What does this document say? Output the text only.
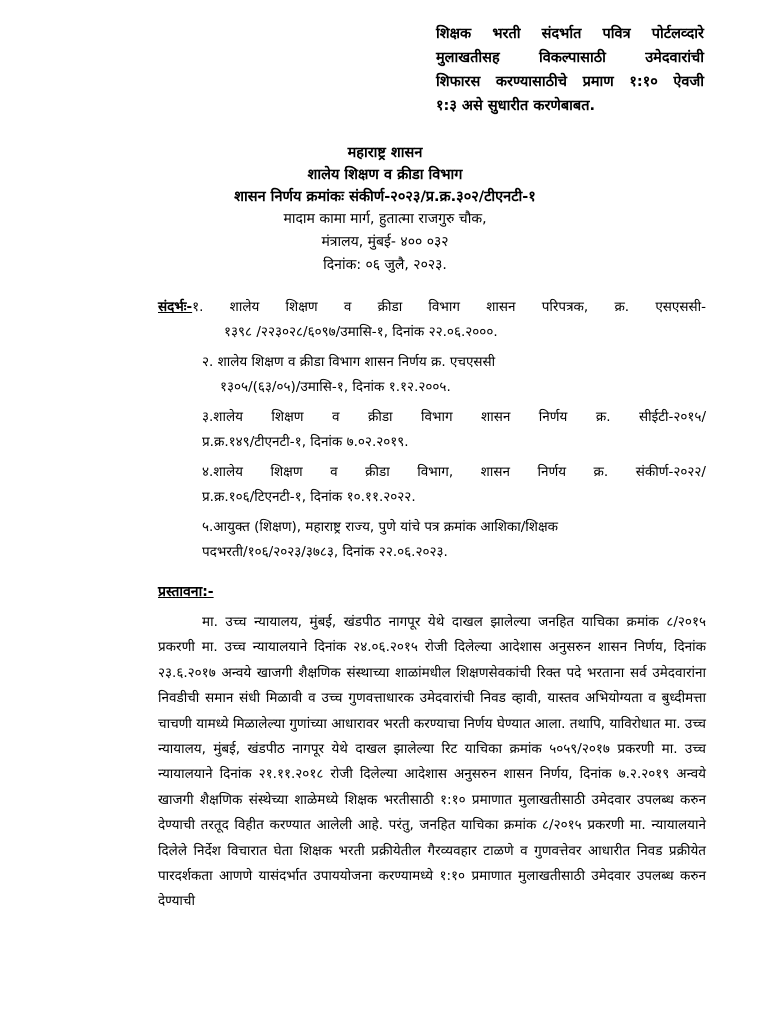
शिक्षक भरती संदर्भात पवित्र पोर्टलव्दारे
मुलाखतीसह विकल्पासाठी उमेदवारांची
शिफारस करण्यासाठीचे प्रमाण १:१० ऐवजी
१:३ असे सुधारीत करणेबाबत.
महाराष्ट्र शासन
शालेय शिक्षण व क्रीडा विभाग
शासन निर्णय क्रमांकः संकीर्ण-२०२३/प्र.क्र.३०२/टीएनटी-१
मादाम कामा मार्ग, हुतात्मा राजगुरु चौक,
मंत्रालय, मुंबई- ४०० ०३२
दिनांक: ०६ जुलै, २०२३.
संदर्भः- १. शालेय शिक्षण व क्रीडा विभाग शासन परिपत्रक, क्र. एसएससी-
१३९८ /२२३०२८/६०९७/उमासि-१, दिनांक २२.०६.२०००.
२. शालेय शिक्षण व क्रीडा विभाग शासन निर्णय क्र. एचएससी
१३०५/(६३/०५)/उमासि-१, दिनांक १.१२.२००५.
३.शालेय शिक्षण व क्रीडा विभाग शासन निर्णय क्र. सीईटी-२०१५/
प्र.क्र.१४९/टीएनटी-१, दिनांक ७.०२.२०१९.
४.शालेय शिक्षण व क्रीडा विभाग, शासन निर्णय क्र. संकीर्ण-२०२२/
प्र.क्र.१०६/टिएनटी-१, दिनांक १०.११.२०२२.
५.आयुक्त (शिक्षण), महाराष्ट्र राज्य, पुणे यांचे पत्र क्रमांक आशिका/शिक्षक
पदभरती/१०६/२०२३/३७८३, दिनांक २२.०६.२०२३.
प्रस्तावना:-
मा. उच्च न्यायालय, मुंबई, खंडपीठ नागपूर येथे दाखल झालेल्या जनहित याचिका क्रमांक ८/२०१५ प्रकरणी मा. उच्च न्यायालयाने दिनांक २४.०६.२०१५ रोजी दिलेल्या आदेशास अनुसरुन शासन निर्णय, दिनांक २३.६.२०१७ अन्वये खाजगी शैक्षणिक संस्थाच्या शाळांमधील शिक्षणसेवकांची रिक्त पदे भरताना सर्व उमेदवारांना निवडीची समान संधी मिळावी व उच्च गुणवत्ताधारक उमेदवारांची निवड व्हावी, यास्तव अभियोग्यता व बुध्दीमत्ता चाचणी यामध्ये मिळालेल्या गुणांच्या आधारावर भरती करण्याचा निर्णय घेण्यात आला. तथापि, याविरोधात मा. उच्च न्यायालय, मुंबई, खंडपीठ नागपूर येथे दाखल झालेल्या रिट याचिका क्रमांक ५०५९/२०१७ प्रकरणी मा. उच्च न्यायालयाने दिनांक २१.११.२०१८ रोजी दिलेल्या आदेशास अनुसरुन शासन निर्णय, दिनांक ७.२.२०१९ अन्वये खाजगी शैक्षणिक संस्थेच्या शाळेमध्ये शिक्षक भरतीसाठी १:१० प्रमाणात मुलाखतीसाठी उमेदवार उपलब्ध करुन देण्याची तरतूद विहीत करण्यात आलेली आहे. परंतु, जनहित याचिका क्रमांक ८/२०१५ प्रकरणी मा. न्यायालयाने दिलेले निर्देश विचारात घेता शिक्षक भरती प्रक्रीयेतील गैरव्यवहार टाळणे व गुणवत्तेवर आधारीत निवड प्रक्रीयेत पारदर्शकता आणणे यासंदर्भात उपाययोजना करण्यामध्ये १:१० प्रमाणात मुलाखतीसाठी उमेदवार उपलब्ध करुन देण्याची
